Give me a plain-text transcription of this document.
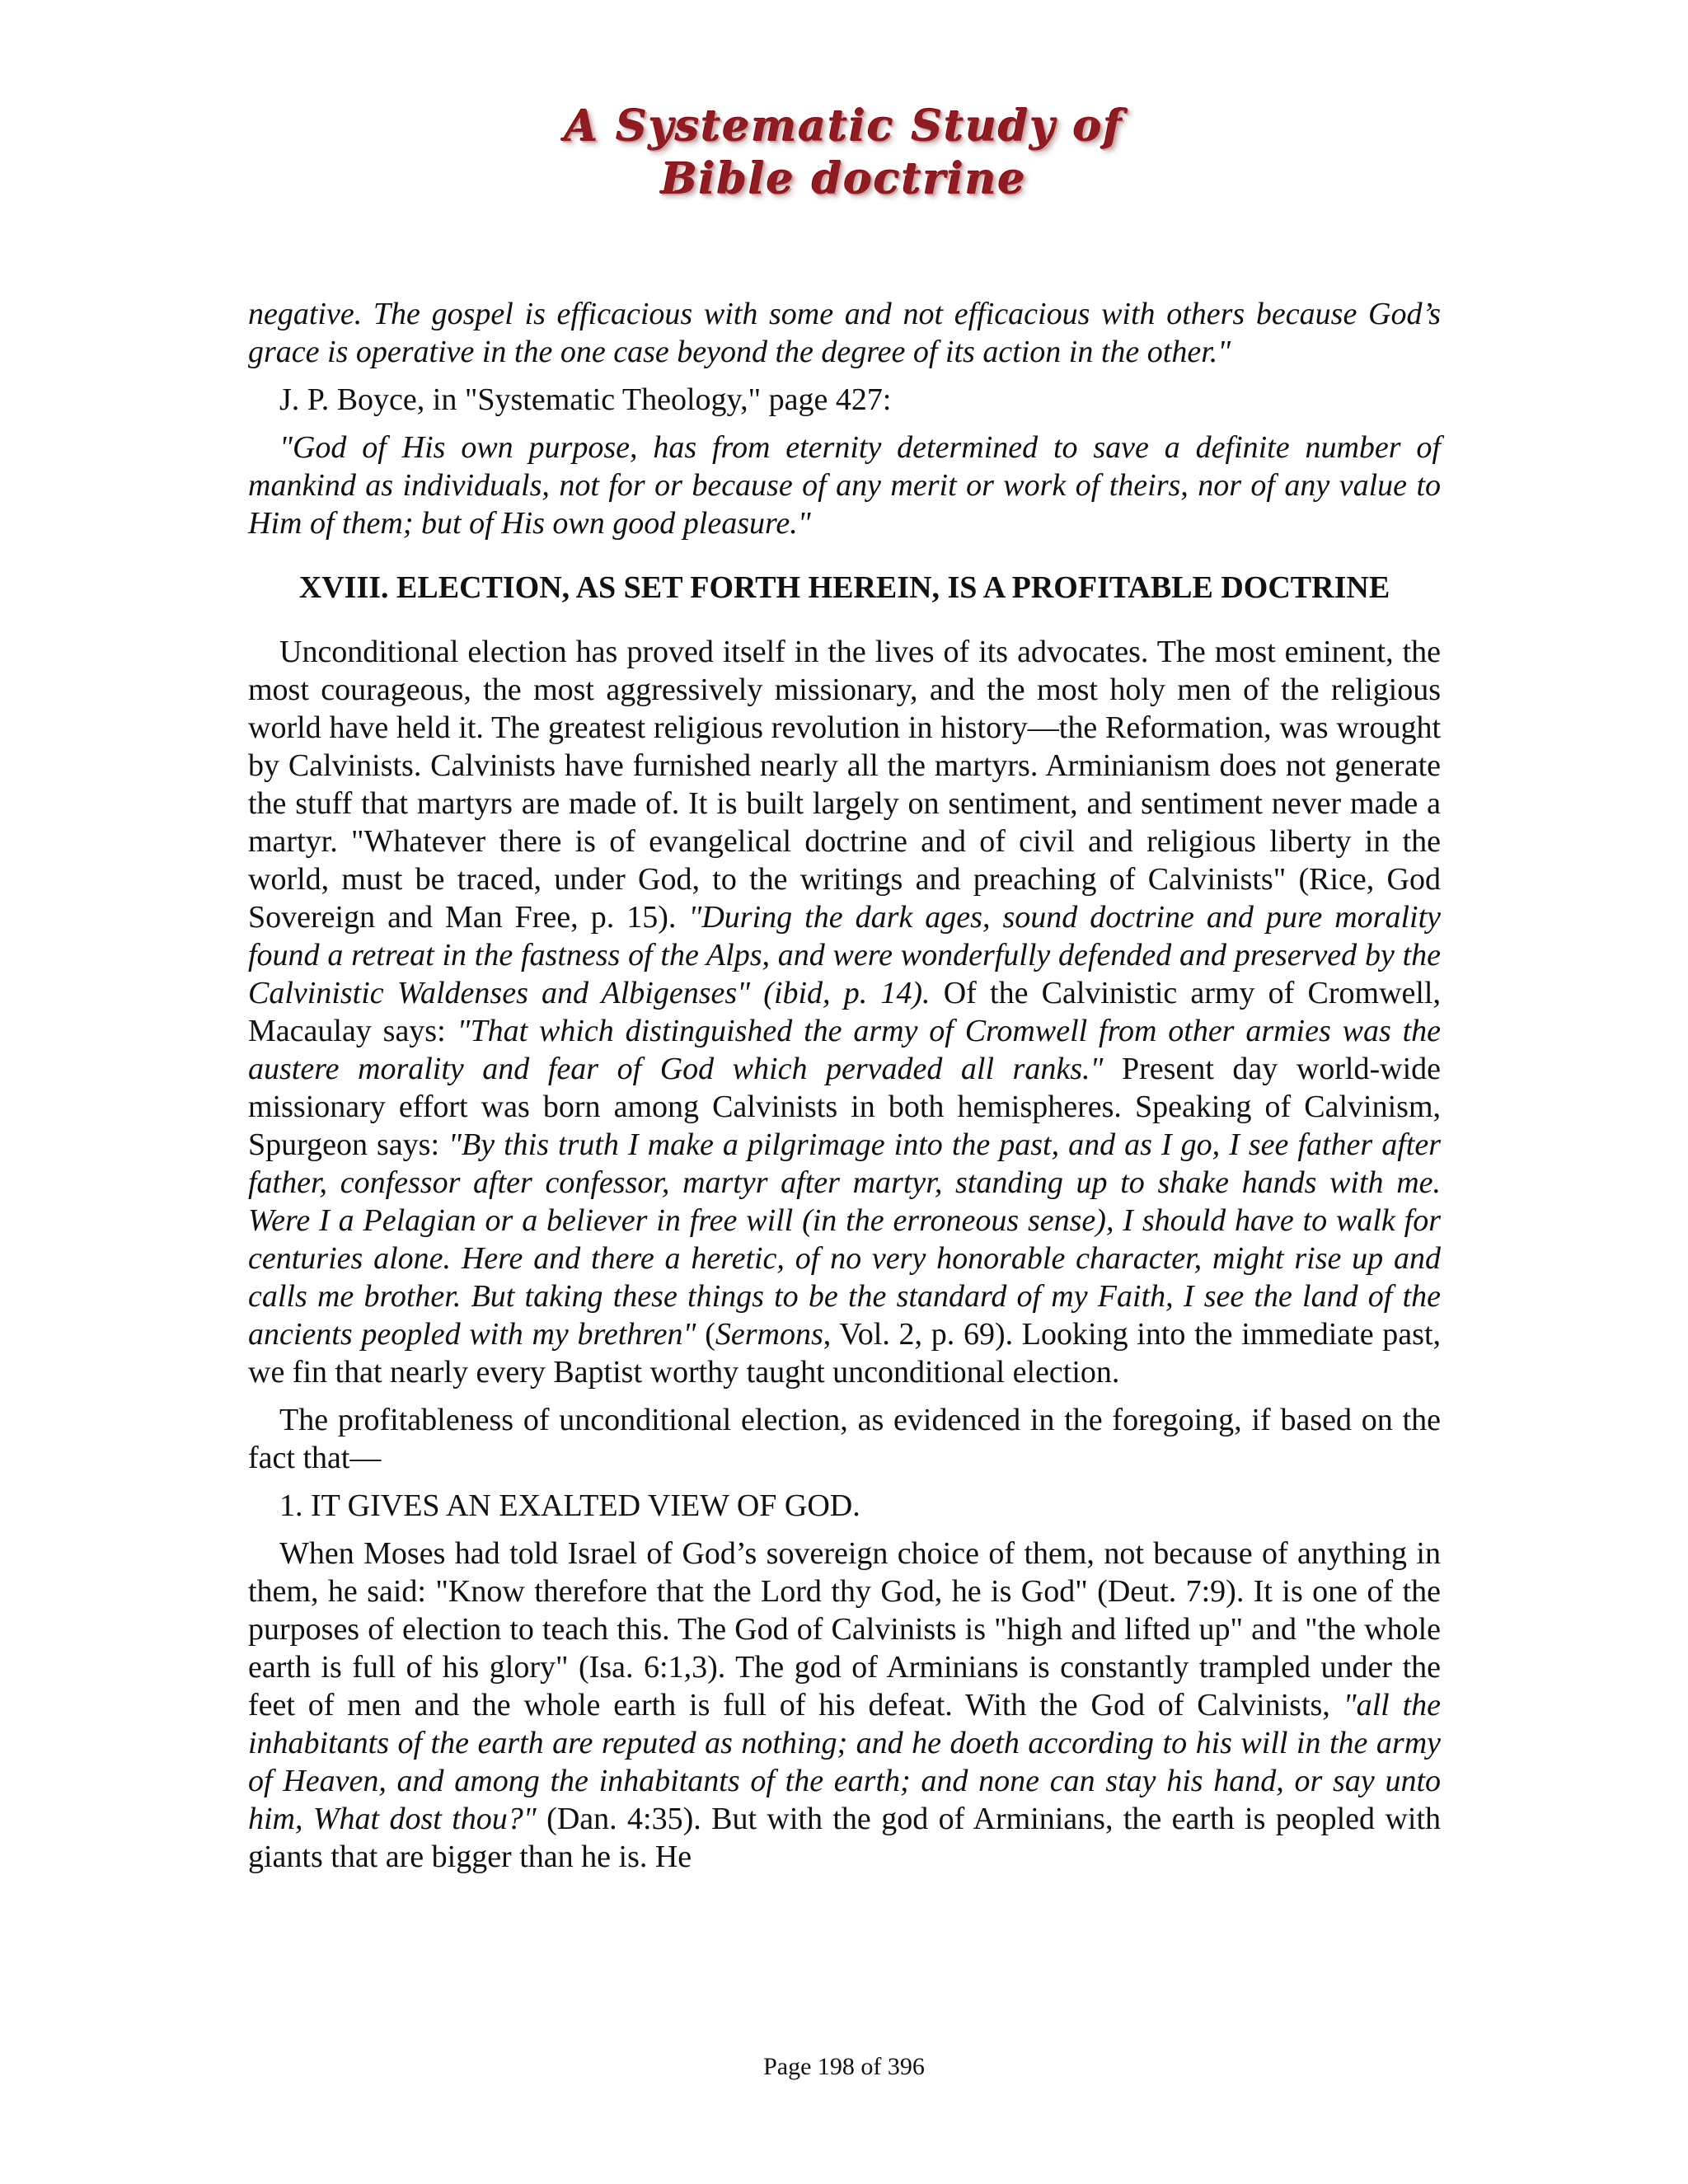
A Systematic Study of
Bible doctrine

negative. The gospel is efficacious with some and not efficacious with others because God’s grace is operative in the one case beyond the degree of its action in the other."

J. P. Boyce, in "Systematic Theology," page 427:

"God of His own purpose, has from eternity determined to save a definite number of mankind as individuals, not for or because of any merit or work of theirs, nor of any value to Him of them; but of His own good pleasure."

XVIII. ELECTION, AS SET FORTH HEREIN, IS A PROFITABLE DOCTRINE

Unconditional election has proved itself in the lives of its advocates. The most eminent, the most courageous, the most aggressively missionary, and the most holy men of the religious world have held it. The greatest religious revolution in history—the Reformation, was wrought by Calvinists. Calvinists have furnished nearly all the martyrs. Arminianism does not generate the stuff that martyrs are made of. It is built largely on sentiment, and sentiment never made a martyr. "Whatever there is of evangelical doctrine and of civil and religious liberty in the world, must be traced, under God, to the writings and preaching of Calvinists" (Rice, God Sovereign and Man Free, p. 15). "During the dark ages, sound doctrine and pure morality found a retreat in the fastness of the Alps, and were wonderfully defended and preserved by the Calvinistic Waldenses and Albigenses" (ibid, p. 14). Of the Calvinistic army of Cromwell, Macaulay says: "That which distinguished the army of Cromwell from other armies was the austere morality and fear of God which pervaded all ranks." Present day world-wide missionary effort was born among Calvinists in both hemispheres. Speaking of Calvinism, Spurgeon says: "By this truth I make a pilgrimage into the past, and as I go, I see father after father, confessor after confessor, martyr after martyr, standing up to shake hands with me. Were I a Pelagian or a believer in free will (in the erroneous sense), I should have to walk for centuries alone. Here and there a heretic, of no very honorable character, might rise up and calls me brother. But taking these things to be the standard of my Faith, I see the land of the ancients peopled with my brethren" (Sermons, Vol. 2, p. 69). Looking into the immediate past, we fin that nearly every Baptist worthy taught unconditional election.

The profitableness of unconditional election, as evidenced in the foregoing, if based on the fact that—

1. IT GIVES AN EXALTED VIEW OF GOD.

When Moses had told Israel of God’s sovereign choice of them, not because of anything in them, he said: "Know therefore that the Lord thy God, he is God" (Deut. 7:9). It is one of the purposes of election to teach this. The God of Calvinists is "high and lifted up" and "the whole earth is full of his glory" (Isa. 6:1,3). The god of Arminians is constantly trampled under the feet of men and the whole earth is full of his defeat. With the God of Calvinists, "all the inhabitants of the earth are reputed as nothing; and he doeth according to his will in the army of Heaven, and among the inhabitants of the earth; and none can stay his hand, or say unto him, What dost thou?" (Dan. 4:35). But with the god of Arminians, the earth is peopled with giants that are bigger than he is. He

Page 198 of 396
